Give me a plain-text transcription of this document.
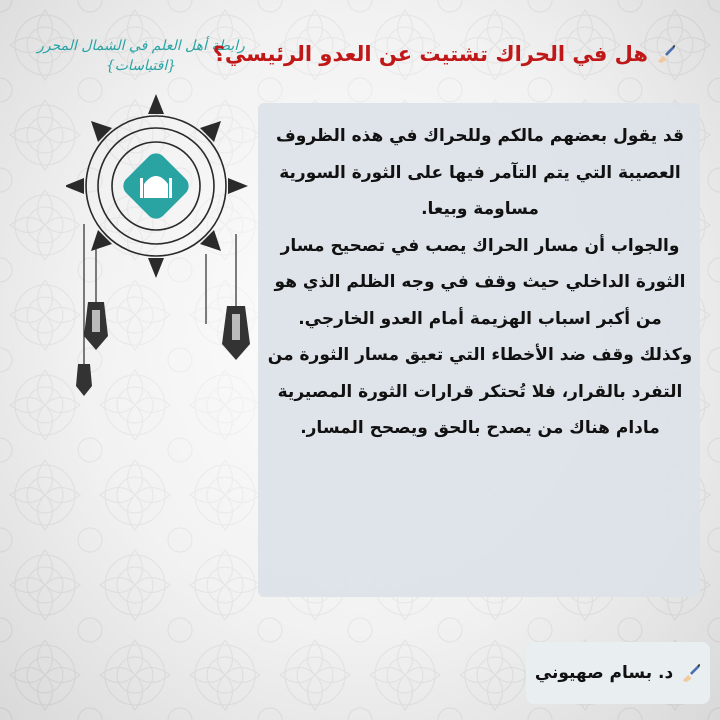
رابطة أهل العلم في الشمال المحرر
{اقتباسات}	هل في الحراك تشتيت عن العدو الرئيسي؟

قد يقول بعضهم مالكم وللحراك في هذه الظروف العصيبة التي يتم التآمر فيها على الثورة السورية مساومة وبيعا.

والجواب أن مسار الحراك يصب في تصحيح مسار الثورة الداخلي حيث وقف في وجه الظلم الذي هو من أكبر اسباب الهزيمة أمام العدو الخارجي.

وكذلك وقف ضد الأخطاء التي تعيق مسار الثورة من التفرد بالقرار، فلا تُحتكر قرارات الثورة المصيرية مادام هناك من يصدح بالحق ويصحح المسار.

د. بسام صهيوني
